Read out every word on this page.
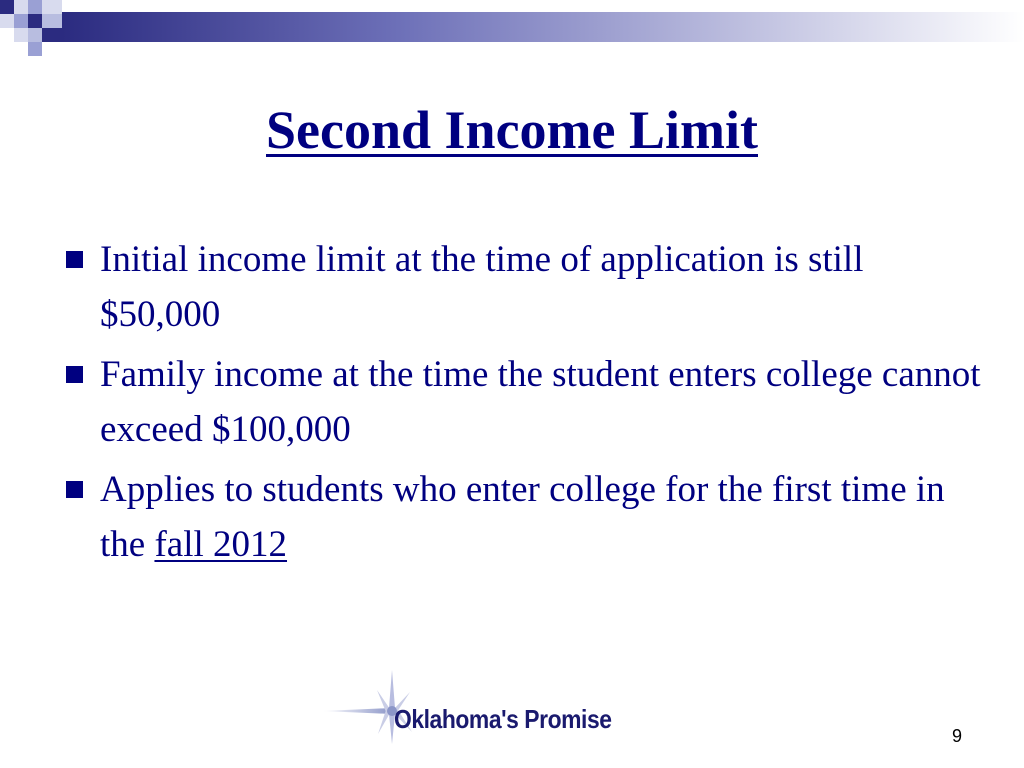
Second Income Limit
Initial income limit at the time of application is still $50,000
Family income at the time the student enters college cannot exceed $100,000
Applies to students who enter college for the first time in the fall 2012
Oklahoma's Promise
9
